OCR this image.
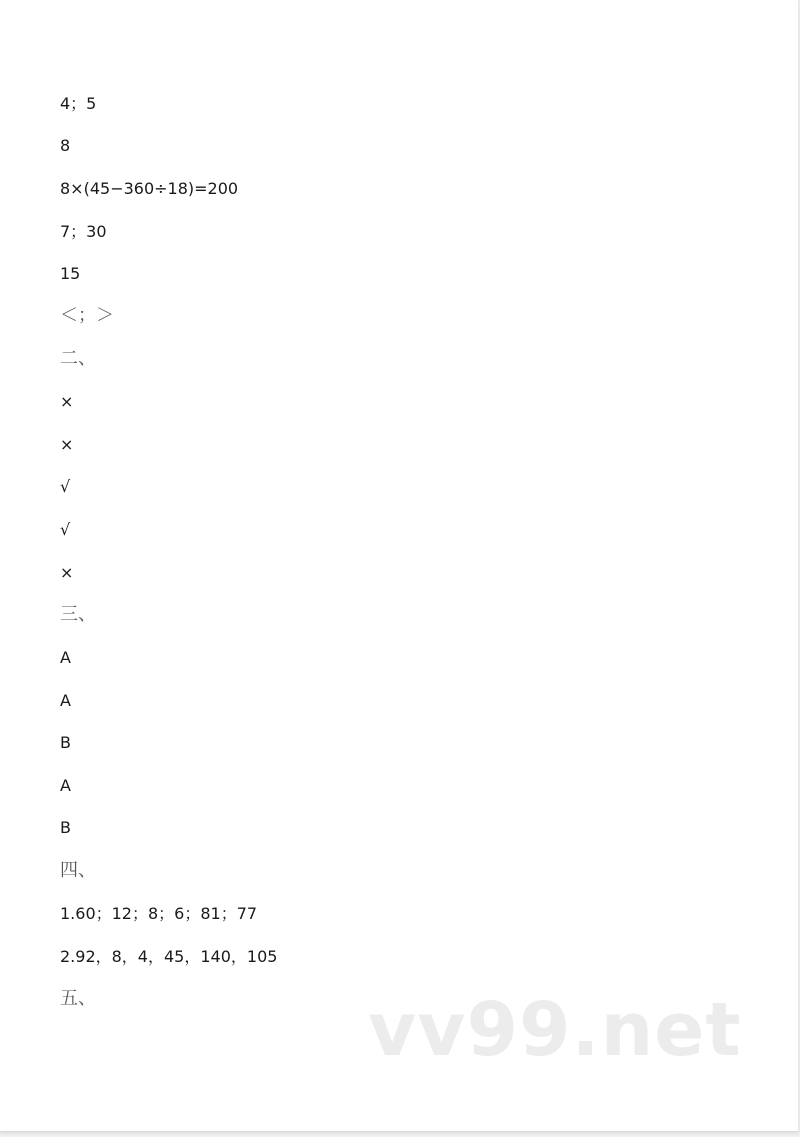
4；5
8
8×(45−360÷18)=200
7；30
15
＜；＞
二、
×
×
√
√
×
三、
A
A
B
A
B
四、
1.60；12；8；6；81；77
2.92，8，4，45，140，105
五、	vv99.net
